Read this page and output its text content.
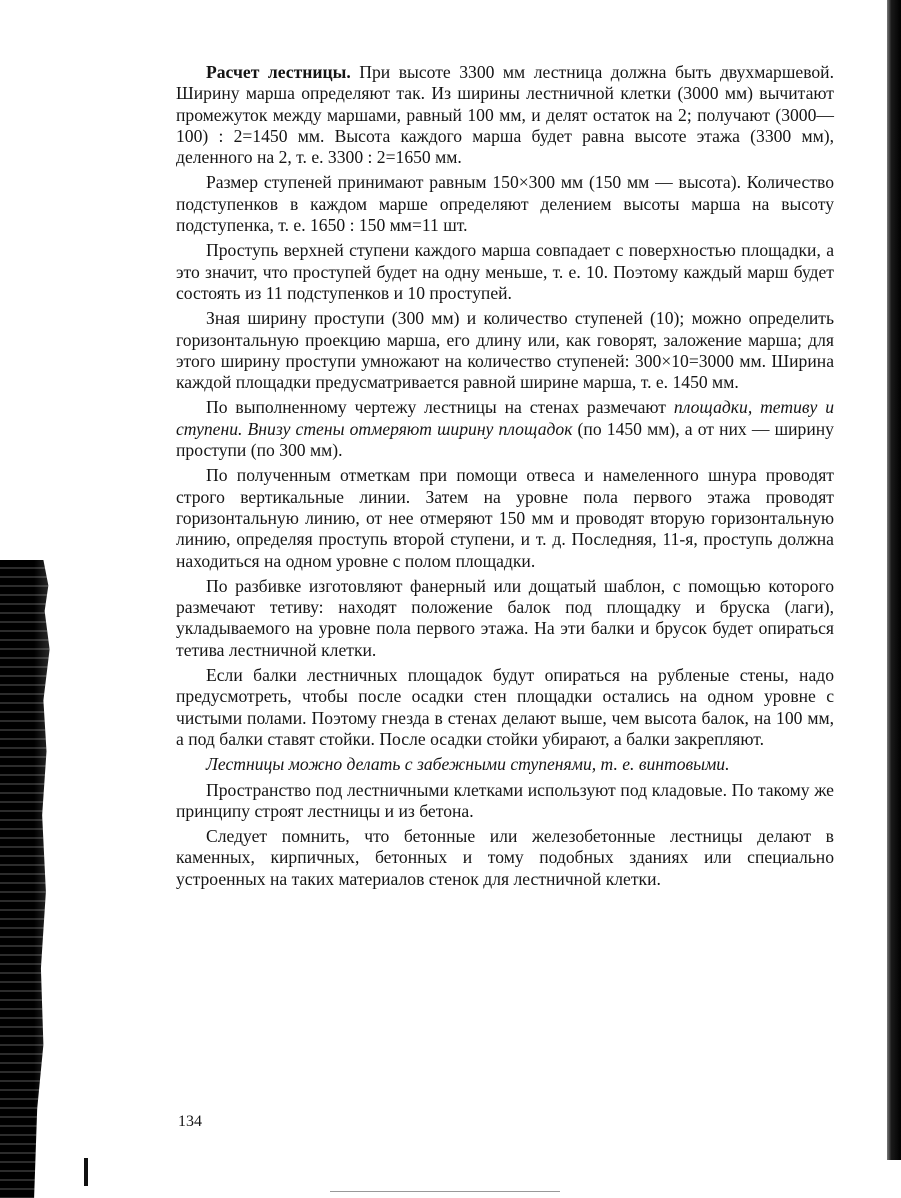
Расчет лестницы. При высоте 3300 мм лестница должна быть двухмаршевой. Ширину марша определяют так. Из ширины лестничной клетки (3000 мм) вычитают промежуток между маршами, равный 100 мм, и делят остаток на 2; получают (3000—100) : 2=1450 мм. Высота каждого марша будет равна высоте этажа (3300 мм), деленного на 2, т. е. 3300 : 2=1650 мм.

Размер ступеней принимают равным 150×300 мм (150 мм — высота). Количество подступенков в каждом марше определяют делением высоты марша на высоту подступенка, т. е. 1650 : 150 мм=11 шт.

Проступь верхней ступени каждого марша совпадает с поверхностью площадки, а это значит, что проступей будет на одну меньше, т. е. 10. Поэтому каждый марш будет состоять из 11 подступенков и 10 проступей.

Зная ширину проступи (300 мм) и количество ступеней (10); можно определить горизонтальную проекцию марша, его длину или, как говорят, заложение марша; для этого ширину проступи умножают на количество ступеней: 300×10=3000 мм. Ширина каждой площадки предусматривается равной ширине марша, т. е. 1450 мм.

По выполненному чертежу лестницы на стенах размечают площадки, тетиву и ступени. Внизу стены отмеряют ширину площадок (по 1450 мм), а от них — ширину проступи (по 300 мм).

По полученным отметкам при помощи отвеса и намеленного шнура проводят строго вертикальные линии. Затем на уровне пола первого этажа проводят горизонтальную линию, от нее отмеряют 150 мм и проводят вторую горизонтальную линию, определяя проступь второй ступени, и т. д. Последняя, 11-я, проступь должна находиться на одном уровне с полом площадки.

По разбивке изготовляют фанерный или дощатый шаблон, с помощью которого размечают тетиву: находят положение балок под площадку и бруска (лаги), укладываемого на уровне пола первого этажа. На эти балки и брусок будет опираться тетива лестничной клетки.

Если балки лестничных площадок будут опираться на рубленые стены, надо предусмотреть, чтобы после осадки стен площадки остались на одном уровне с чистыми полами. Поэтому гнезда в стенах делают выше, чем высота балок, на 100 мм, а под балки ставят стойки. После осадки стойки убирают, а балки закрепляют.

Лестницы можно делать с забежными ступенями, т. е. винтовыми.

Пространство под лестничными клетками используют под кладовые. По такому же принципу строят лестницы и из бетона.

Следует помнить, что бетонные или железобетонные лестницы делают в каменных, кирпичных, бетонных и тому подобных зданиях или специально устроенных на таких материалов стенок для лестничной клетки.

134
